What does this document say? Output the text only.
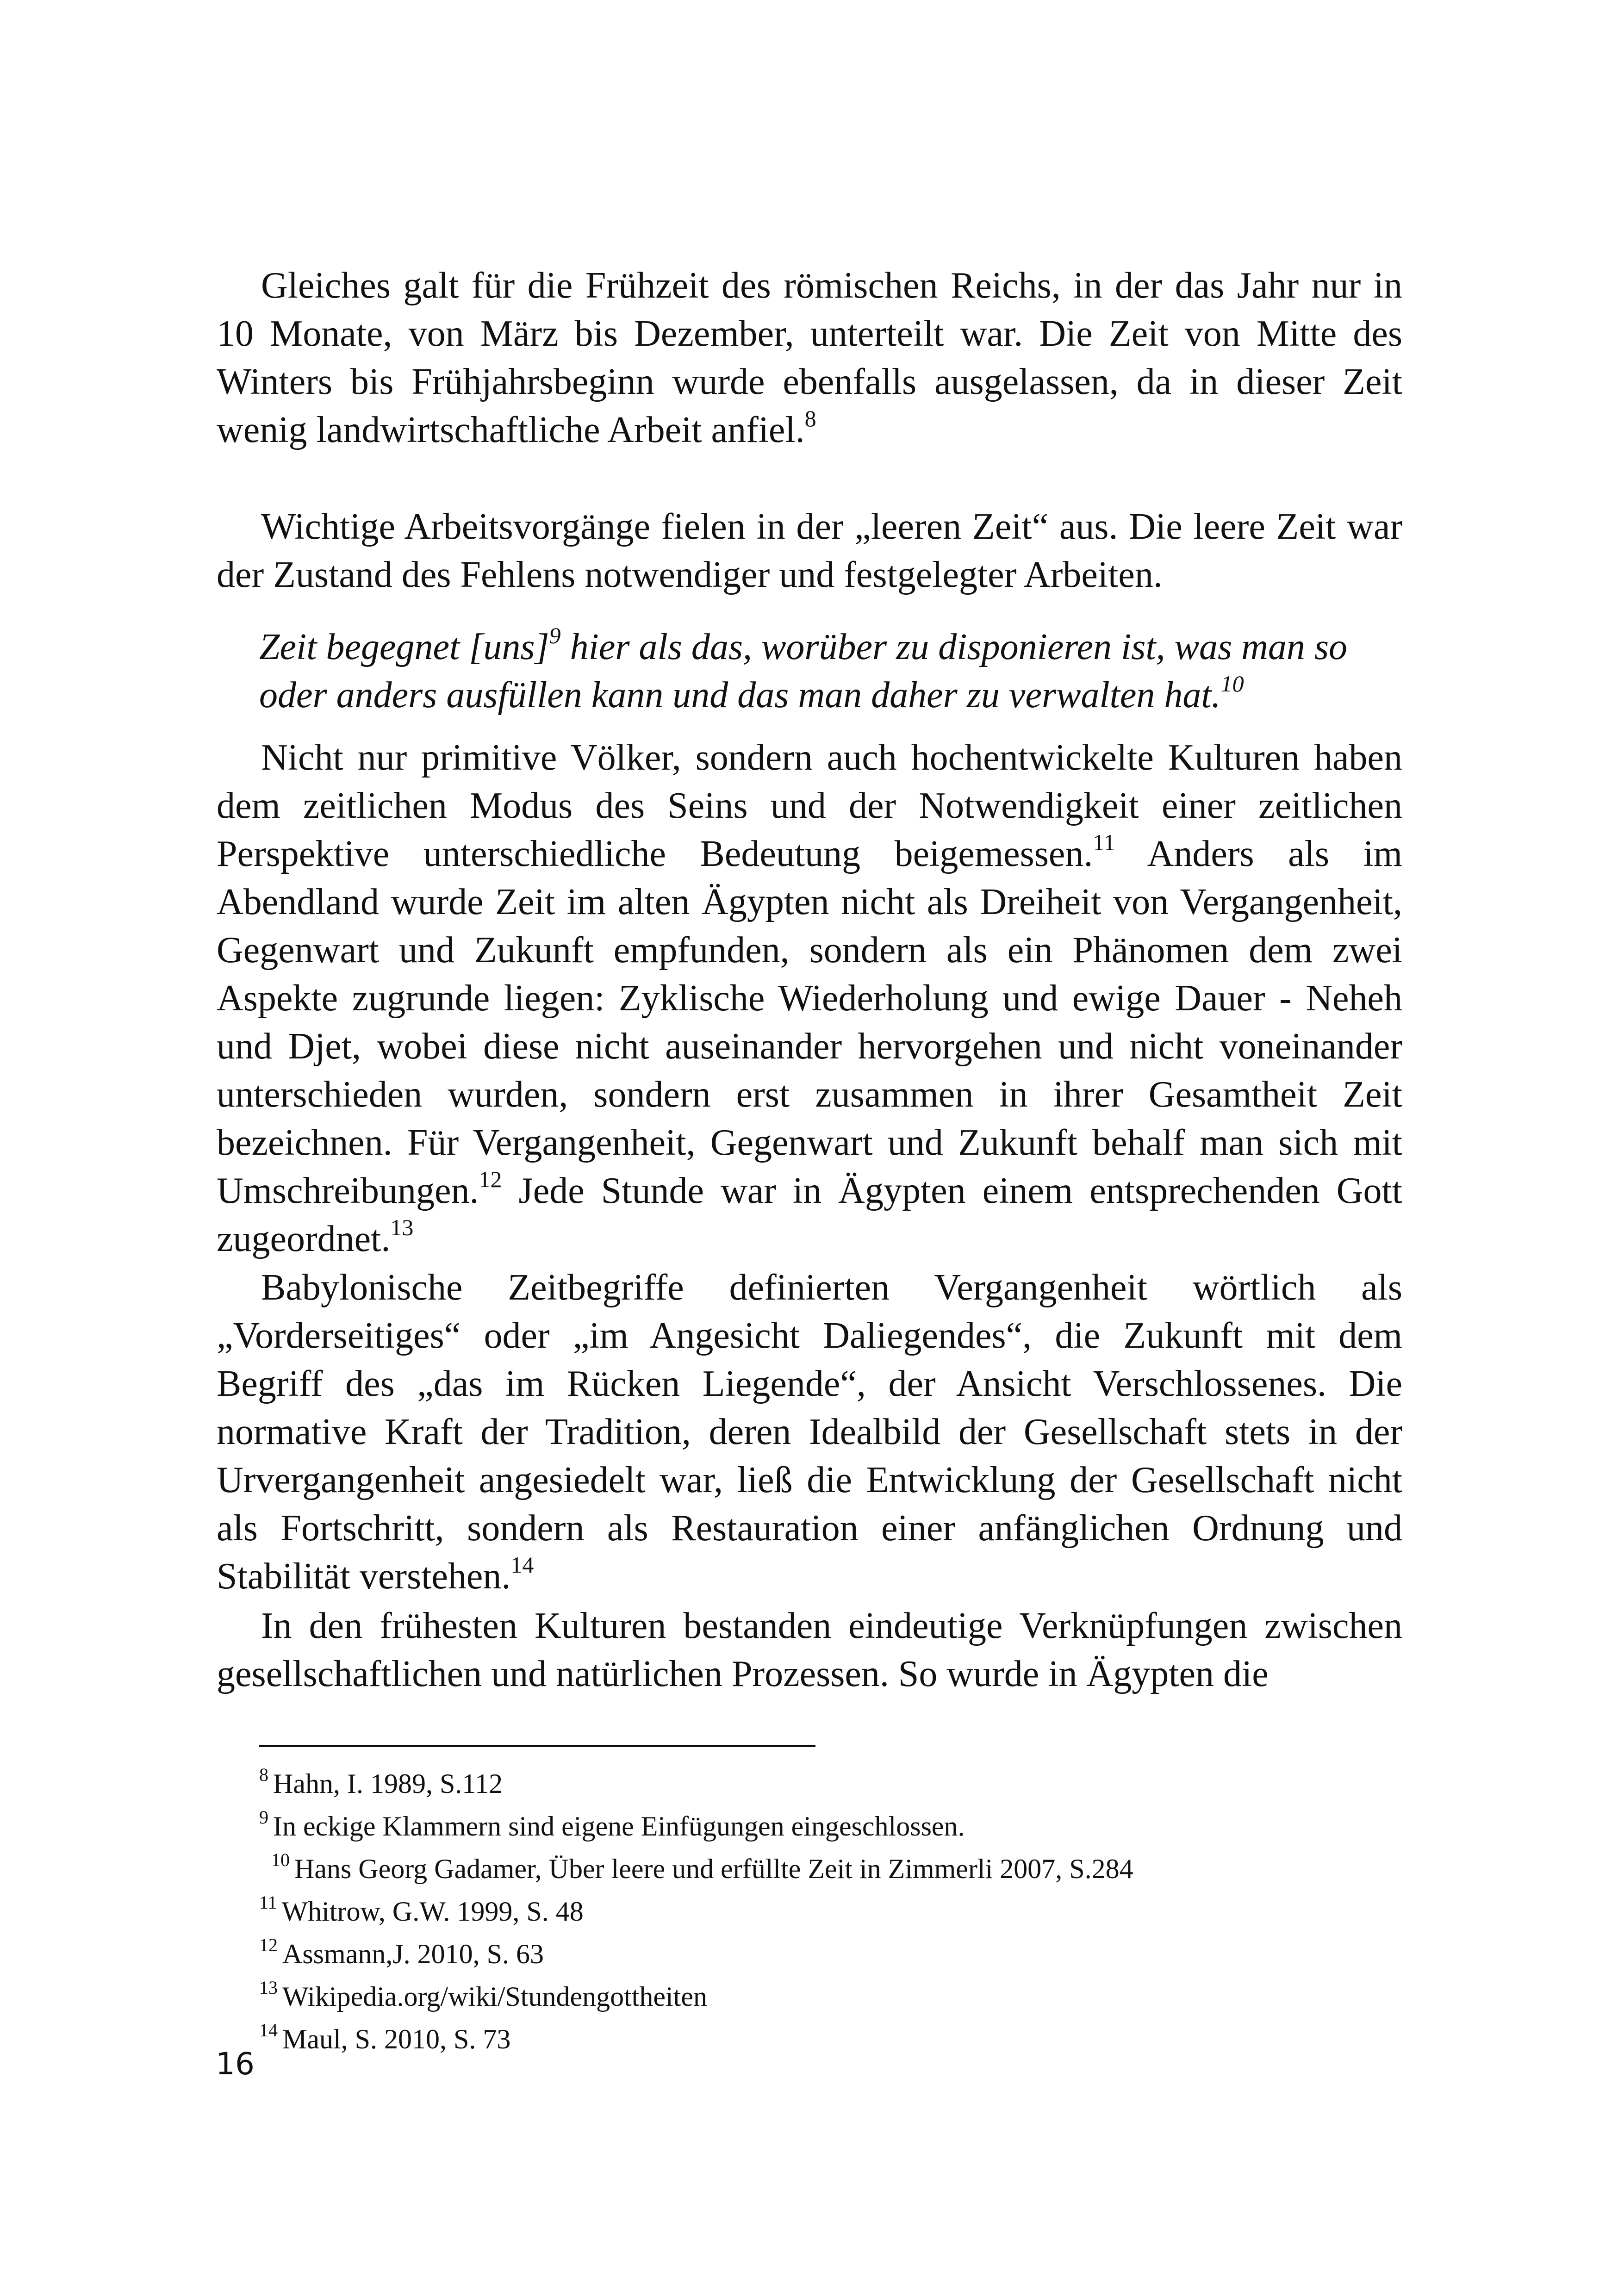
Gleiches galt für die Frühzeit des römischen Reichs, in der das Jahr nur in 10 Monate, von März bis Dezember, unterteilt war. Die Zeit von Mitte des Winters bis Frühjahrsbeginn wurde ebenfalls ausgelassen, da in dieser Zeit wenig landwirtschaftliche Arbeit anfiel.$^8$

Wichtige Arbeitsvorgänge fielen in der „leeren Zeit“ aus. Die leere Zeit war der Zustand des Fehlens notwendiger und festgelegter Arbeiten.

Zeit begegnet [uns]$^9$ hier als das, worüber zu disponieren ist, was man so oder anders ausfüllen kann und das man daher zu verwalten hat.$^{10}$

Nicht nur primitive Völker, sondern auch hochentwickelte Kulturen haben dem zeitlichen Modus des Seins und der Notwendigkeit einer zeitlichen Perspektive unterschiedliche Bedeutung beigemessen.$^{11}$ Anders als im Abendland wurde Zeit im alten Ägypten nicht als Dreiheit von Vergangenheit, Gegenwart und Zukunft empfunden, sondern als ein Phänomen dem zwei Aspekte zugrunde liegen: Zyklische Wiederholung und ewige Dauer - Neheh und Djet, wobei diese nicht auseinander hervorgehen und nicht voneinander unterschieden wurden, sondern erst zusammen in ihrer Gesamtheit Zeit bezeichnen. Für Vergangenheit, Gegenwart und Zukunft behalf man sich mit Umschreibungen.$^{12}$ Jede Stunde war in Ägypten einem entsprechenden Gott zugeordnet.$^{13}$

Babylonische Zeitbegriffe definierten Vergangenheit wörtlich als „Vorderseitiges“ oder „im Angesicht Daliegendes“, die Zukunft mit dem Begriff des „das im Rücken Liegende“, der Ansicht Verschlossenes. Die normative Kraft der Tradition, deren Idealbild der Gesellschaft stets in der Urvergangenheit angesiedelt war, ließ die Entwicklung der Gesellschaft nicht als Fortschritt, sondern als Restauration einer anfänglichen Ordnung und Stabilität verstehen.$^{14}$

In den frühesten Kulturen bestanden eindeutige Verknüpfungen zwischen gesellschaftlichen und natürlichen Prozessen. So wurde in Ägypten die

$^8$ Hahn, I. 1989, S.112
$^9$ In eckige Klammern sind eigene Einfügungen eingeschlossen.
$^{10}$ Hans Georg Gadamer, Über leere und erfüllte Zeit in Zimmerli 2007, S.284
$^{11}$ Whitrow, G.W. 1999, S. 48
$^{12}$ Assmann,J. 2010, S. 63
$^{13}$ Wikipedia.org/wiki/Stundengottheiten
$^{14}$ Maul, S. 2010, S. 73

16
